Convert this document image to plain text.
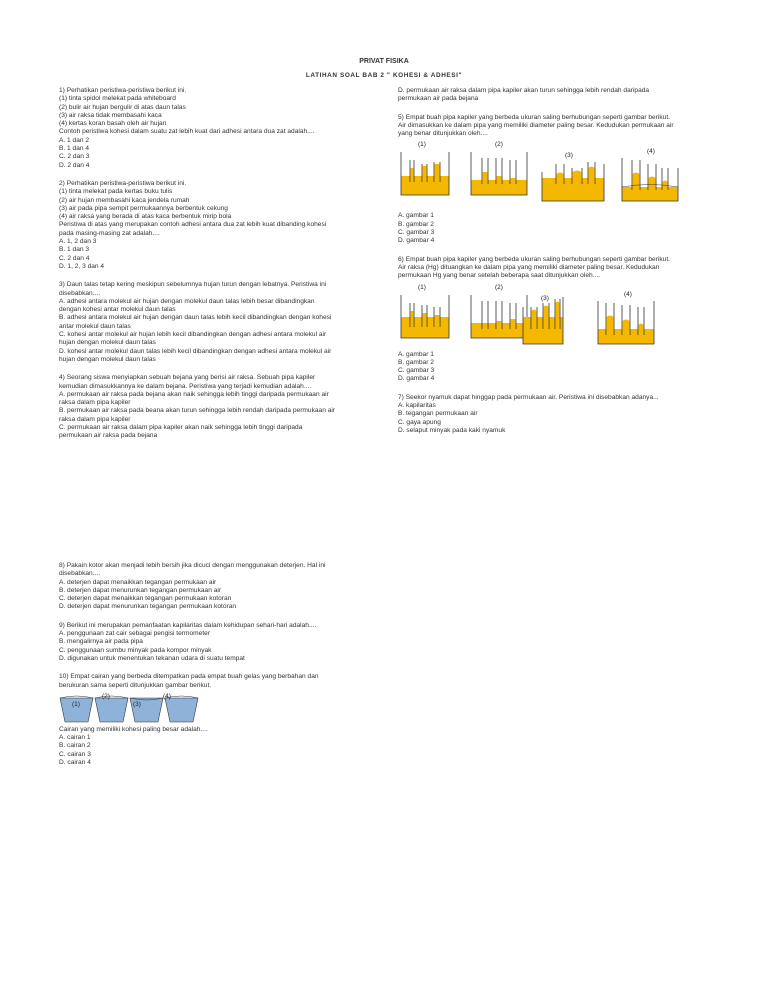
PRIVAT FISIKA
LATIHAN SOAL BAB 2 " KOHESI & ADHESI"
1) Perhatikan peristiwa-peristiwa berikut ini.
(1) tinta spidol melekat pada whiteboard
(2) bulir air hujan bergulir di atas daun talas
(3) air raksa tidak membasahi kaca
(4) kertas koran basah oleh air hujan
Contoh peristiwa kohesi dalam suatu zat lebih kuat dari adhesi antara dua zat adalah....
A. 1 dan 2
B. 1 dan 4
C. 2 dan 3
D. 2 dan 4
2) Perhatikan peristiwa-peristiwa berikut ini.
(1) tinta melekat pada kertas buku tulis
(2) air hujan membasahi kaca jendela rumah
(3) air pada pipa sempit permukaannya berbentuk cekung
(4) air raksa yang berada di atas kaca berbentuk mirip bola
Peristiwa di atas yang merupakan contoh adhesi antara dua zat lebih kuat dibanding kohesi
pada masing-masing zat adalah....
A. 1, 2 dan 3
B. 1 dan 3
C. 2 dan 4
D. 1, 2, 3 dan 4
3) Daun talas tetap kering meskipun sebelumnya hujan turun dengan lebatnya. Peristiwa ini
disebabkan....
A. adhesi antara molekul air hujan dengan molekul daun talas lebih besar dibandingkan
dengan kohesi antar molekul daun talas
B. adhesi antara molekul air hujan dengan daun talas lebih kecil dibandingkan dengan kohesi
antar molekul daun talas
C. kohesi antar molekul air hujan lebih kecil dibandingkan dengan adhesi antara molekul air
hujan dengan molekul daun talas
D. kohesi antar molekul daun talas lebih kecil dibandingkan dengan adhesi antara molekul air
hujan dengan molekul daun talas
4) Seorang siswa menyiapkan sebuah bejana yang berisi air raksa. Sebuah pipa kapiler
kemudian dimasukkannya ke dalam bejana. Peristiwa yang terjadi kemudian adalah....
A. permukaan air raksa pada bejana akan naik sehingga lebih tinggi daripada permukaan air
raksa dalam pipa kapiler
B. permukaan air raksa pada beana akan turun sehingga lebih rendah daripada permukaan air
raksa dalam pipa kapiler
C. permukaan air raksa dalam pipa kapiler akan naik sehingga lebih tinggi daripada
permukaan air raksa pada bejana
D. permukaan air raksa dalam pipa kapiler akan turun sehingga lebih rendah daripada
permukaan air pada bejana
5) Empat buah pipa kapiler yang berbeda ukuran saling berhubungan seperti gambar berikut.
Air dimasukkan ke dalam pipa yang memiliki diameter paling besar. Kedudukan permukaan air
yang benar ditunjukkan oleh....
(1)	(2)
(3)
(4)
A. gambar 1
B. gambar 2
C. gambar 3
D. gambar 4
6) Empat buah pipa kapiler yang berbeda ukuran saling berhubungan seperti gambar berikut.
Air raksa (Hg) dituangkan ke dalam pipa yang memiliki diameter paling besar. Kedudukan
permukaan Hg yang benar setelah beberapa saat ditunjukkan oleh....
(1)	(2)
(3)
(4)
A. gambar 1
B. gambar 2
C. gambar 3
D. gambar 4
7) Seekor nyamuk dapat hinggap pada permukaan air. Peristiwa ini disebabkan adanya...
A. kapilaritas
B. tegangan permukaan air
C. gaya apung
D. selaput minyak pada kaki nyamuk
8) Pakain kotor akan menjadi lebih bersih jika dicuci dengan menggunakan deterjen. Hal ini
disebabkan....
A. deterjen dapat menaikkan tegangan permukaan air
B. deterjen dapat menurunkan tegangan permukaan air
C. deterjen dapat menaikkan tegangan permukaan kotoran
D. deterjen dapat menurunkan tegangan permukaan kotoran
9) Berikut ini merupakan pemanfaatan kapilaritas dalam kehidupan sehari-hari adalah....
A. penggunaan zat cair sebagai pengisi termometer
B. mengalirnya air pada pipa
C. penggunaan sumbu minyak pada kompor minyak
D. digunakan untuk menentukan tekanan udara di suatu tempat
10) Empat cairan yang berbeda ditempatkan pada empat buah gelas yang berbahan dan
berukuran sama seperti ditunjukkan gambar berikut.
(1)
(2)
(3)
(4)
Cairan yang memiliki kohesi paling besar adalah....
A. cairan 1
B. cairan 2
C. cairan 3
D. cairan 4
